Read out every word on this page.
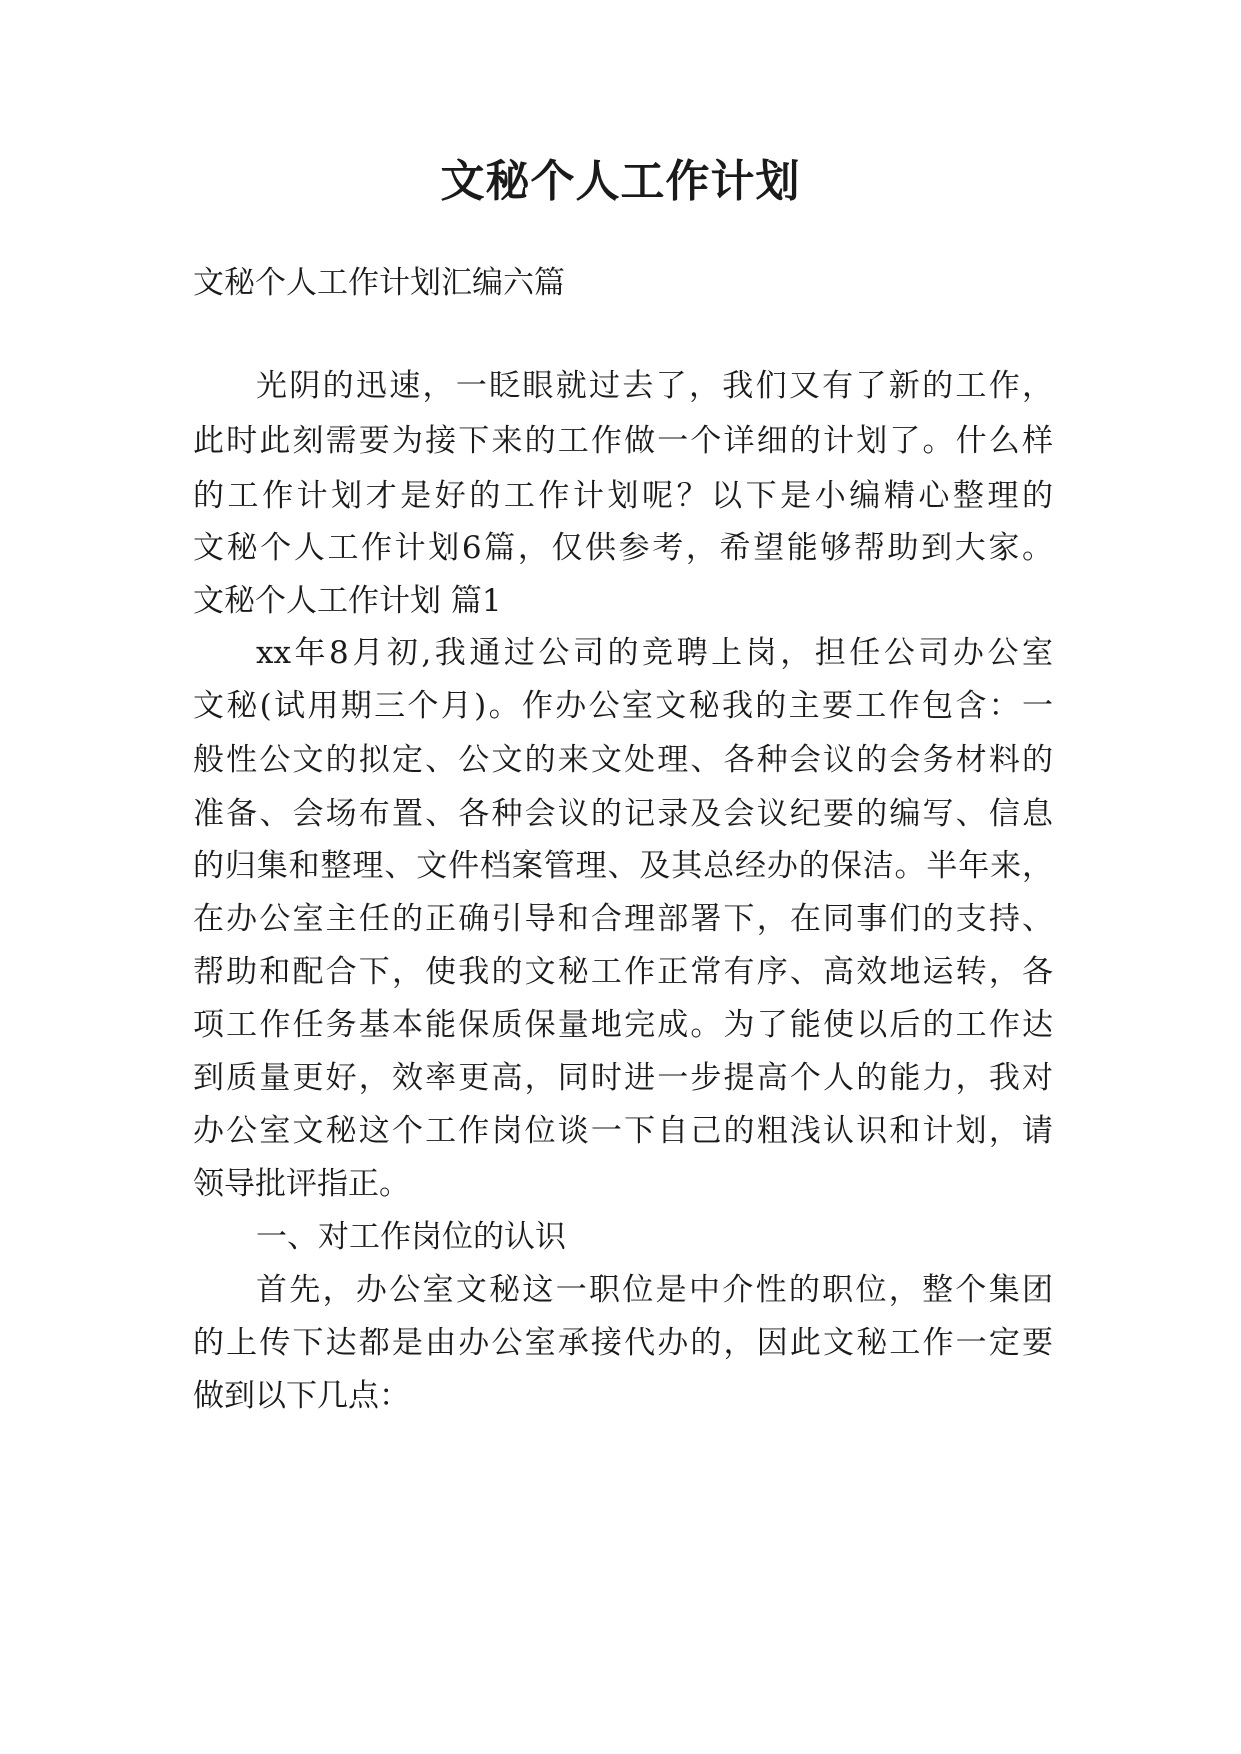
文秘个人工作计划

文秘个人工作计划汇编六篇

光阴的迅速，一眨眼就过去了，我们又有了新的工作，

此时此刻需要为接下来的工作做一个详细的计划了。什么样

的工作计划才是好的工作计划呢？以下是小编精心整理的

文秘个人工作计划6篇，仅供参考，希望能够帮助到大家。

文秘个人工作计划 篇1

xx年8月初,我通过公司的竞聘上岗，担任公司办公室

文秘(试用期三个月)。作办公室文秘我的主要工作包含：一

般性公文的拟定、公文的来文处理、各种会议的会务材料的

准备、会场布置、各种会议的记录及会议纪要的编写、信息

的归集和整理、文件档案管理、及其总经办的保洁。半年来，

在办公室主任的正确引导和合理部署下，在同事们的支持、

帮助和配合下，使我的文秘工作正常有序、高效地运转，各

项工作任务基本能保质保量地完成。为了能使以后的工作达

到质量更好，效率更高，同时进一步提高个人的能力，我对

办公室文秘这个工作岗位谈一下自己的粗浅认识和计划，请

领导批评指正。

一、对工作岗位的认识

首先，办公室文秘这一职位是中介性的职位，整个集团

的上传下达都是由办公室承接代办的，因此文秘工作一定要

做到以下几点：
